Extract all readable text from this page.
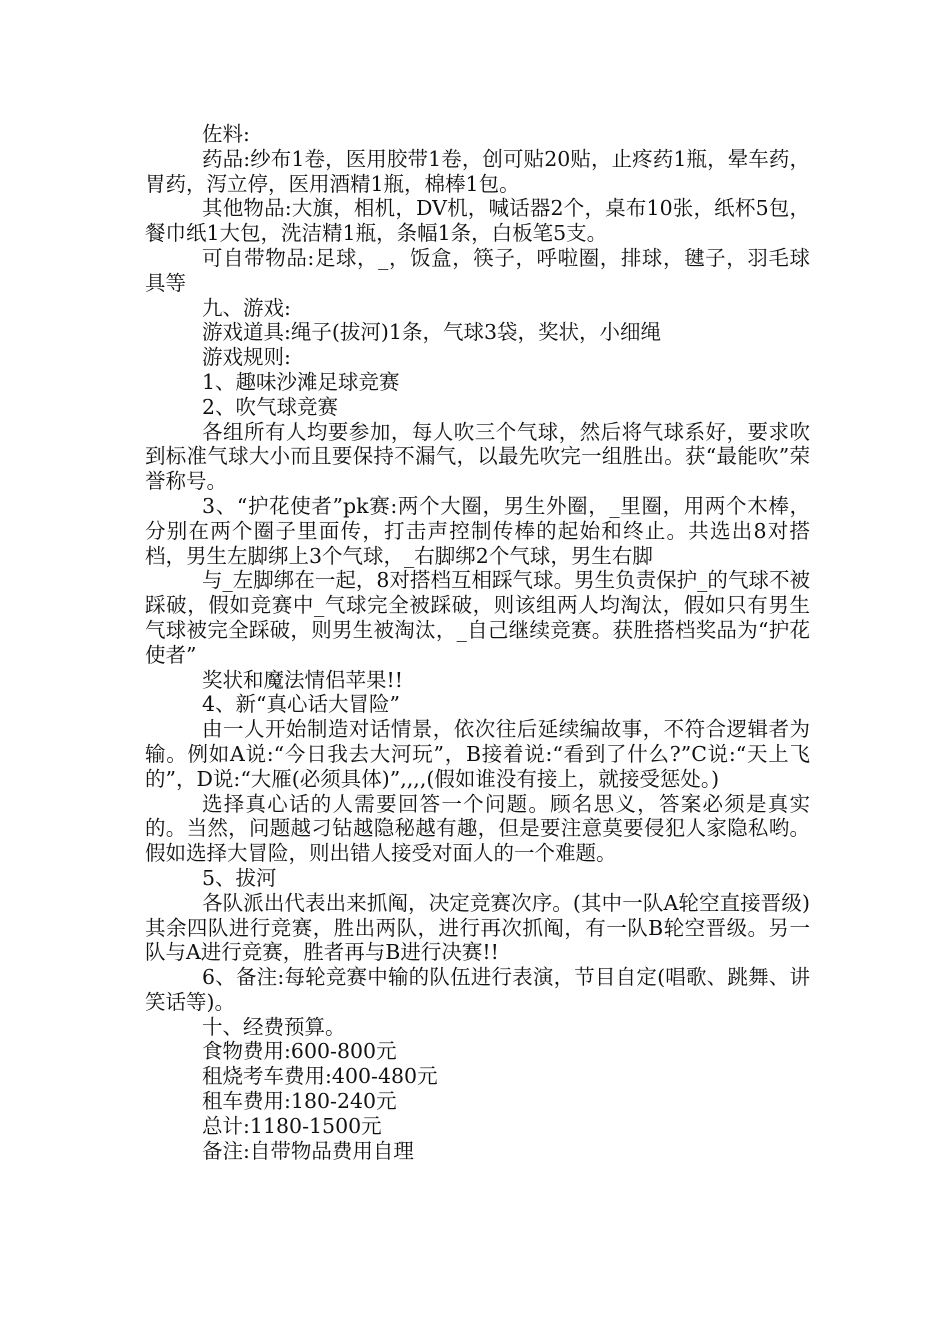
佐料:

药品:纱布1卷，医用胶带1卷，创可贴20贴，止疼药1瓶，晕车药，胃药，泻立停，医用酒精1瓶，棉棒1包。

其他物品:大旗，相机，DV机，喊话器2个，桌布10张，纸杯5包，餐巾纸1大包，洗洁精1瓶，条幅1条，白板笔5支。

可自带物品:足球，_，饭盒，筷子，呼啦圈，排球，毽子，羽毛球具等

九、游戏:

游戏道具:绳子(拔河)1条，气球3袋，奖状，小细绳

游戏规则:

1、趣味沙滩足球竞赛

2、吹气球竞赛

各组所有人均要参加，每人吹三个气球，然后将气球系好，要求吹到标准气球大小而且要保持不漏气，以最先吹完一组胜出。获“最能吹”荣誉称号。

3、“护花使者”pk赛:两个大圈，男生外圈，_里圈，用两个木棒，分别在两个圈子里面传，打击声控制传棒的起始和终止。共选出8对搭档，男生左脚绑上3个气球，_右脚绑2个气球，男生右脚

与_左脚绑在一起，8对搭档互相踩气球。男生负责保护_的气球不被踩破，假如竞赛中_气球完全被踩破，则该组两人均淘汰，假如只有男生气球被完全踩破，则男生被淘汰，_自己继续竞赛。获胜搭档奖品为“护花使者”

奖状和魔法情侣苹果!!

4、新“真心话大冒险”

由一人开始制造对话情景，依次往后延续编故事，不符合逻辑者为输。例如A说:“今日我去大河玩”，B接着说:“看到了什么?”C说:“天上飞的”，D说:“大雁(必须具体)”,,,,(假如谁没有接上，就接受惩处。)

选择真心话的人需要回答一个问题。顾名思义，答案必须是真实的。当然，问题越刁钻越隐秘越有趣，但是要注意莫要侵犯人家隐私哟。假如选择大冒险，则出错人接受对面人的一个难题。

5、拔河

各队派出代表出来抓阄，决定竞赛次序。(其中一队A轮空直接晋级)其余四队进行竞赛，胜出两队，进行再次抓阄，有一队B轮空晋级。另一队与A进行竞赛，胜者再与B进行决赛!!

6、备注:每轮竞赛中输的队伍进行表演，节目自定(唱歌、跳舞、讲笑话等)。

十、经费预算。

食物费用:600-800元

租烧考车费用:400-480元

租车费用:180-240元

总计:1180-1500元

备注:自带物品费用自理
